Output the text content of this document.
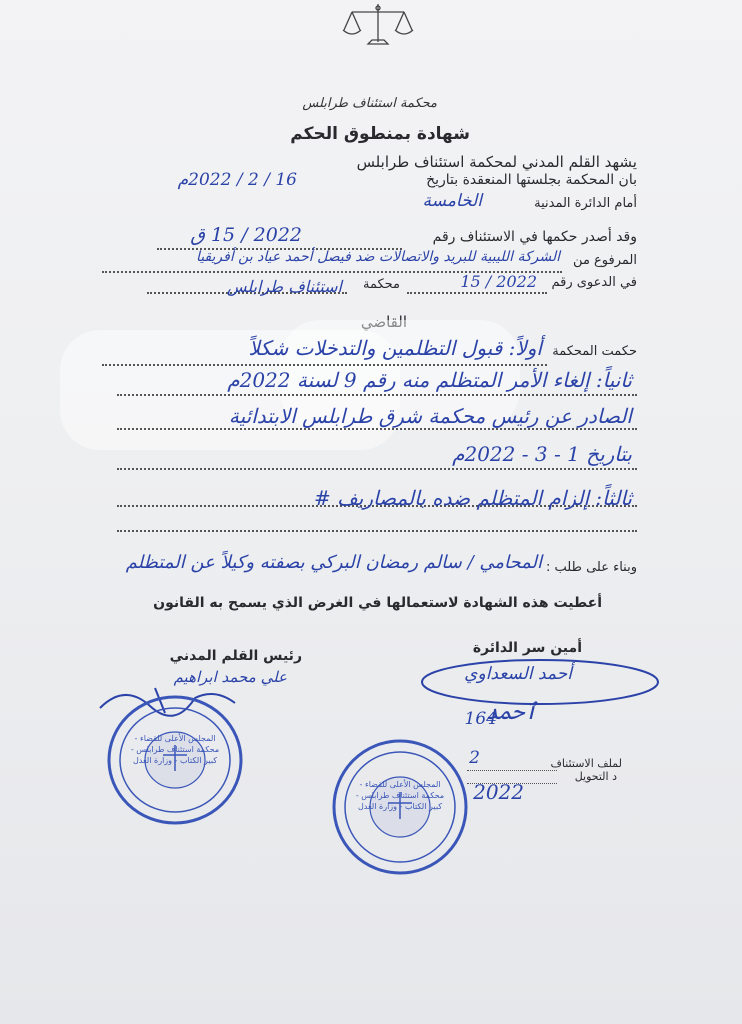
محكمة استئناف طرابلس
شهادة بمنطوق الحكم
يشهد القلم المدني لمحكمة استئناف طرابلس
بان المحكمة بجلستها المنعقدة بتاريخ
16 / 2 / 2022م
أمام الدائرة المدنية
الخامسة
وقد أصدر حكمها في الاستئناف رقم
2022 / 15 ق
المرفوع من
الشركة الليبية للبريد والاتصالات ضد فيصل أحمد عياد بن أفريقيا
في الدعوى رقم
2022 / 15
محكمة
استئناف طرابلس
القاضي
حكمت المحكمة
أولاً: قبول التظلمين والتدخلات شكلاً
ثانياً: إلغاء الأمر المتظلم منه رقم 9 لسنة 2022م
الصادر عن رئيس محكمة شرق طرابلس الابتدائية
بتاريخ 1 - 3 - 2022م
ثالثاً: إلزام المتظلم ضده بالمصاريف #
وبناء على طلب :
المحامي / سالم رمضان البركي بصفته وكيلاً عن المتظلم
أعطيت هذه الشهادة لاستعمالها في الغرض الذي يسمح به القانون
أمين سر الدائرة
رئيس القلم المدني
أحمد السعداوي
ٱحمد
164
علي محمد ابراهيم
لملف الاستئناف
2
د التحويل
2022
المجلس الأعلى للقضاء - محكمة استئناف طرابلس - كبير الكتاب - وزارة العدل
المجلس الأعلى للقضاء - محكمة استئناف طرابلس - كبير الكتاب - وزارة العدل
